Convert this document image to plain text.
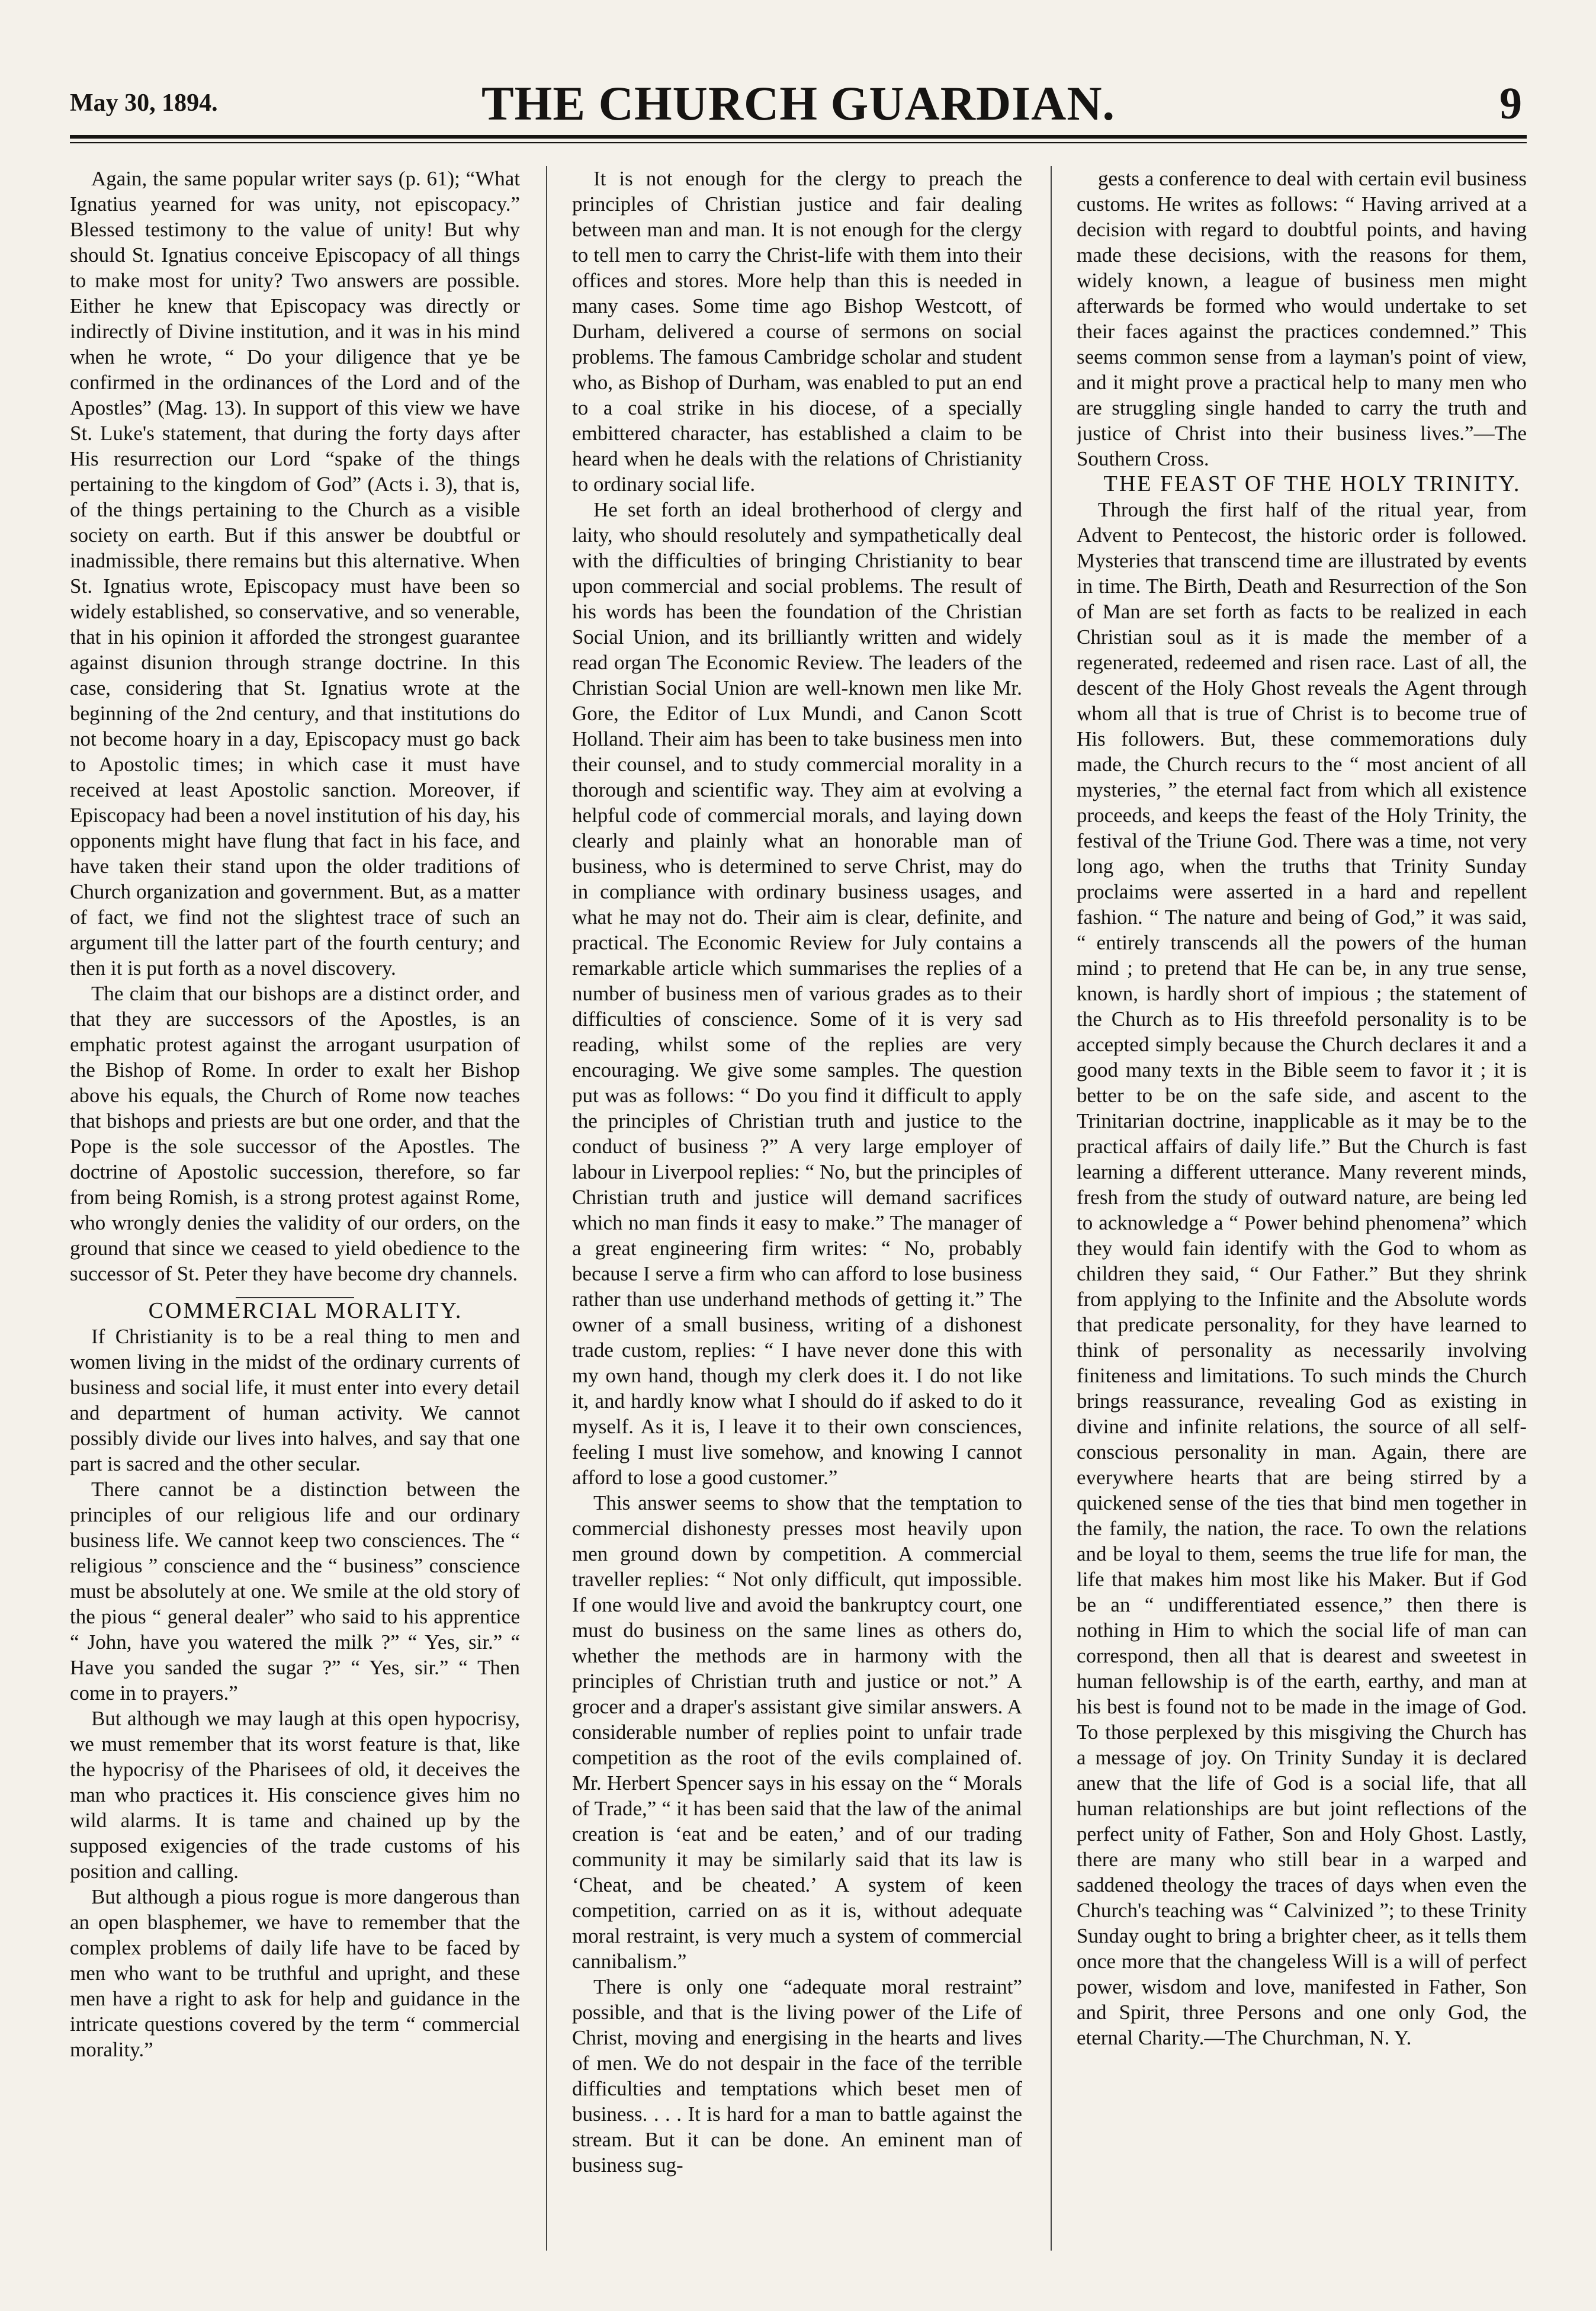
May 30, 1894.	THE CHURCH GUARDIAN.	9

Again, the same popular writer says (p. 61); “What Ignatius yearned for was unity, not episcopacy.” Blessed testimony to the value of unity! But why should St. Ignatius conceive Episcopacy of all things to make most for unity? Two answers are possible. Either he knew that Episcopacy was directly or indirectly of Divine institution, and it was in his mind when he wrote, “ Do your diligence that ye be confirmed in the ordinances of the Lord and of the Apostles” (Mag. 13). In support of this view we have St. Luke's statement, that during the forty days after His resurrection our Lord “spake of the things pertaining to the kingdom of God” (Acts i. 3), that is, of the things pertaining to the Church as a visible society on earth. But if this answer be doubtful or inadmissible, there remains but this alternative. When St. Ignatius wrote, Episcopacy must have been so widely established, so conservative, and so venerable, that in his opinion it afforded the strongest guarantee against disunion through strange doctrine. In this case, considering that St. Ignatius wrote at the beginning of the 2nd century, and that institutions do not become hoary in a day, Episcopacy must go back to Apostolic times; in which case it must have received at least Apostolic sanction. Moreover, if Episcopacy had been a novel institution of his day, his opponents might have flung that fact in his face, and have taken their stand upon the older traditions of Church organization and government. But, as a matter of fact, we find not the slightest trace of such an argument till the latter part of the fourth century; and then it is put forth as a novel discovery.

The claim that our bishops are a distinct order, and that they are successors of the Apostles, is an emphatic protest against the arrogant usurpation of the Bishop of Rome. In order to exalt her Bishop above his equals, the Church of Rome now teaches that bishops and priests are but one order, and that the Pope is the sole successor of the Apostles. The doctrine of Apostolic succession, therefore, so far from being Romish, is a strong protest against Rome, who wrongly denies the validity of our orders, on the ground that since we ceased to yield obedience to the successor of St. Peter they have become dry channels.

COMMERCIAL MORALITY.

If Christianity is to be a real thing to men and women living in the midst of the ordinary currents of business and social life, it must enter into every detail and department of human activity. We cannot possibly divide our lives into halves, and say that one part is sacred and the other secular.

There cannot be a distinction between the principles of our religious life and our ordinary business life. We cannot keep two consciences. The “ religious ” conscience and the “ business” conscience must be absolutely at one. We smile at the old story of the pious “ general dealer” who said to his apprentice “ John, have you watered the milk ?” “ Yes, sir.” “ Have you sanded the sugar ?” “ Yes, sir.” “ Then come in to prayers.”

But although we may laugh at this open hypocrisy, we must remember that its worst feature is that, like the hypocrisy of the Pharisees of old, it deceives the man who practices it. His conscience gives him no wild alarms. It is tame and chained up by the supposed exigencies of the trade customs of his position and calling.

But although a pious rogue is more dangerous than an open blasphemer, we have to remember that the complex problems of daily life have to be faced by men who want to be truthful and upright, and these men have a right to ask for help and guidance in the intricate questions covered by the term “ commercial morality.”

It is not enough for the clergy to preach the principles of Christian justice and fair dealing between man and man. It is not enough for the clergy to tell men to carry the Christ-life with them into their offices and stores. More help than this is needed in many cases. Some time ago Bishop Westcott, of Durham, delivered a course of sermons on social problems. The famous Cambridge scholar and student who, as Bishop of Durham, was enabled to put an end to a coal strike in his diocese, of a specially embittered character, has established a claim to be heard when he deals with the relations of Christianity to ordinary social life.

He set forth an ideal brotherhood of clergy and laity, who should resolutely and sympathetically deal with the difficulties of bringing Christianity to bear upon commercial and social problems. The result of his words has been the foundation of the Christian Social Union, and its brilliantly written and widely read organ The Economic Review. The leaders of the Christian Social Union are well-known men like Mr. Gore, the Editor of Lux Mundi, and Canon Scott Holland. Their aim has been to take business men into their counsel, and to study commercial morality in a thorough and scientific way. They aim at evolving a helpful code of commercial morals, and laying down clearly and plainly what an honorable man of business, who is determined to serve Christ, may do in compliance with ordinary business usages, and what he may not do. Their aim is clear, definite, and practical. The Economic Review for July contains a remarkable article which summarises the replies of a number of business men of various grades as to their difficulties of conscience. Some of it is very sad reading, whilst some of the replies are very encouraging. We give some samples. The question put was as follows: “ Do you find it difficult to apply the principles of Christian truth and justice to the conduct of business ?” A very large employer of labour in Liverpool replies: “ No, but the principles of Christian truth and justice will demand sacrifices which no man finds it easy to make.” The manager of a great engineering firm writes: “ No, probably because I serve a firm who can afford to lose business rather than use underhand methods of getting it.” The owner of a small business, writing of a dishonest trade custom, replies: “ I have never done this with my own hand, though my clerk does it. I do not like it, and hardly know what I should do if asked to do it myself. As it is, I leave it to their own consciences, feeling I must live somehow, and knowing I cannot afford to lose a good customer.”

This answer seems to show that the temptation to commercial dishonesty presses most heavily upon men ground down by competition. A commercial traveller replies: “ Not only difficult, qut impossible. If one would live and avoid the bankruptcy court, one must do business on the same lines as others do, whether the methods are in harmony with the principles of Christian truth and justice or not.” A grocer and a draper's assistant give similar answers. A considerable number of replies point to unfair trade competition as the root of the evils complained of. Mr. Herbert Spencer says in his essay on the “ Morals of Trade,” “ it has been said that the law of the animal creation is ‘eat and be eaten,’ and of our trading community it may be similarly said that its law is ‘Cheat, and be cheated.’ A system of keen competition, carried on as it is, without adequate moral restraint, is very much a system of commercial cannibalism.”

There is only one “adequate moral restraint” possible, and that is the living power of the Life of Christ, moving and energising in the hearts and lives of men. We do not despair in the face of the terrible difficulties and temptations which beset men of business. . . . It is hard for a man to battle against the stream. But it can be done. An eminent man of business sug-

gests a conference to deal with certain evil business customs. He writes as follows: “ Having arrived at a decision with regard to doubtful points, and having made these decisions, with the reasons for them, widely known, a league of business men might afterwards be formed who would undertake to set their faces against the practices condemned.” This seems common sense from a layman's point of view, and it might prove a practical help to many men who are struggling single handed to carry the truth and justice of Christ into their business lives.”—The Southern Cross.

THE FEAST OF THE HOLY TRINITY.

Through the first half of the ritual year, from Advent to Pentecost, the historic order is followed. Mysteries that transcend time are illustrated by events in time. The Birth, Death and Resurrection of the Son of Man are set forth as facts to be realized in each Christian soul as it is made the member of a regenerated, redeemed and risen race. Last of all, the descent of the Holy Ghost reveals the Agent through whom all that is true of Christ is to become true of His followers. But, these commemorations duly made, the Church recurs to the “ most ancient of all mysteries, ” the eternal fact from which all existence proceeds, and keeps the feast of the Holy Trinity, the festival of the Triune God. There was a time, not very long ago, when the truths that Trinity Sunday proclaims were asserted in a hard and repellent fashion. “ The nature and being of God,” it was said, “ entirely transcends all the powers of the human mind ; to pretend that He can be, in any true sense, known, is hardly short of impious ; the statement of the Church as to His threefold personality is to be accepted simply because the Church declares it and a good many texts in the Bible seem to favor it ; it is better to be on the safe side, and ascent to the Trinitarian doctrine, inapplicable as it may be to the practical affairs of daily life.” But the Church is fast learning a different utterance. Many reverent minds, fresh from the study of outward nature, are being led to acknowledge a “ Power behind phenomena” which they would fain identify with the God to whom as children they said, “ Our Father.” But they shrink from applying to the Infinite and the Absolute words that predicate personality, for they have learned to think of personality as necessarily involving finiteness and limitations. To such minds the Church brings reassurance, revealing God as existing in divine and infinite relations, the source of all self-conscious personality in man. Again, there are everywhere hearts that are being stirred by a quickened sense of the ties that bind men together in the family, the nation, the race. To own the relations and be loyal to them, seems the true life for man, the life that makes him most like his Maker. But if God be an “ undifferentiated essence,” then there is nothing in Him to which the social life of man can correspond, then all that is dearest and sweetest in human fellowship is of the earth, earthy, and man at his best is found not to be made in the image of God. To those perplexed by this misgiving the Church has a message of joy. On Trinity Sunday it is declared anew that the life of God is a social life, that all human relationships are but joint reflections of the perfect unity of Father, Son and Holy Ghost. Lastly, there are many who still bear in a warped and saddened theology the traces of days when even the Church's teaching was “ Calvinized ”; to these Trinity Sunday ought to bring a brighter cheer, as it tells them once more that the changeless Will is a will of perfect power, wisdom and love, manifested in Father, Son and Spirit, three Persons and one only God, the eternal Charity.—The Churchman, N. Y.
